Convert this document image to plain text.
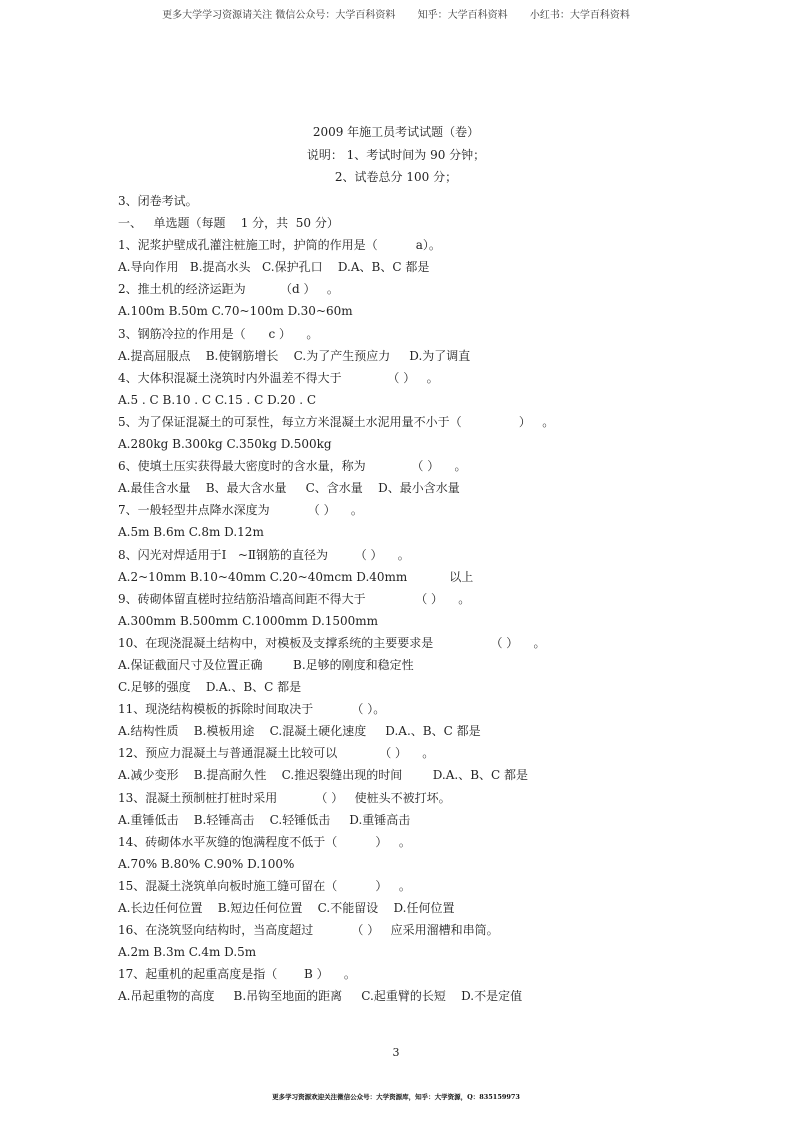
更多大学学习资源请关注 微信公众号：大学百科资料       知乎：大学百科资料       小红书：大学百科资料
2009 年施工员考试试题（卷）
说明： 1、考试时间为 90 分钟；
2、试卷总分 100 分；
3、闭卷考试。
一、   单选题（每题    1 分，共  50 分）
1、泥浆护壁成孔灌注桩施工时，护筒的作用是（          a）。
A.导向作用   B.提高水头   C.保护孔口    D.A、B、C 都是
2、推土机的经济运距为         （d ）   。
A.100m B.50m C.70~100m D.30~60m
3、钢筋冷拉的作用是（      c ）    。
A.提高屈服点    B.使钢筋增长    C.为了产生预应力     D.为了调直
4、大体积混凝土浇筑时内外温差不得大于            （ ）   。
A.5 . C B.10 . C C.15 . C D.20 . C
5、为了保证混凝土的可泵性，每立方米混凝土水泥用量不小于（               ）   。
A.280kg B.300kg C.350kg D.500kg
6、使填土压实获得最大密度时的含水量，称为            （ ）    。
A.最佳含水量    B、最大含水量     C、含水量    D、最小含水量
7、一般轻型井点降水深度为          （ ）    。
A.5m B.6m C.8m D.12m
8、闪光对焊适用于Ⅰ   ~Ⅱ钢筋的直径为       （ ）    。
A.2~10mm B.10~40mm C.20~40mcm D.40mm           以上
9、砖砌体留直槎时拉结筋沿墙高间距不得大于             （ ）    。
A.300mm B.500mm C.1000mm D.1500mm
10、在现浇混凝土结构中，对模板及支撑系统的主要要求是               （ ）    。
A.保证截面尺寸及位置正确        B.足够的刚度和稳定性
C.足够的强度    D.A.、B、C 都是
11、现浇结构模板的拆除时间取决于          （ ）。
A.结构性质    B.模板用途    C.混凝土硬化速度     D.A.、B、C 都是
12、预应力混凝土与普通混凝土比较可以           （ ）    。
A.减少变形    B.提高耐久性    C.推迟裂缝出现的时间        D.A.、B、C 都是
13、混凝土预制桩打桩时采用          （ ）   使桩头不被打坏。
A.重锤低击    B.轻锤高击    C.轻锤低击     D.重锤高击
14、砖砌体水平灰缝的饱满程度不低于（          ）   。
A.70% B.80% C.90% D.100%
15、混凝土浇筑单向板时施工缝可留在（          ）   。
A.长边任何位置    B.短边任何位置    C.不能留设    D.任何位置
16、在浇筑竖向结构时，当高度超过          （ ）   应采用溜槽和串筒。
A.2m B.3m C.4m D.5m
17、起重机的起重高度是指（       B ）    。
A.吊起重物的高度     B.吊钩至地面的距离     C.起重臂的长短    D.不是定值
3
更多学习资源欢迎关注微信公众号：大学资源库，知乎：大学资源，Q：835159973
